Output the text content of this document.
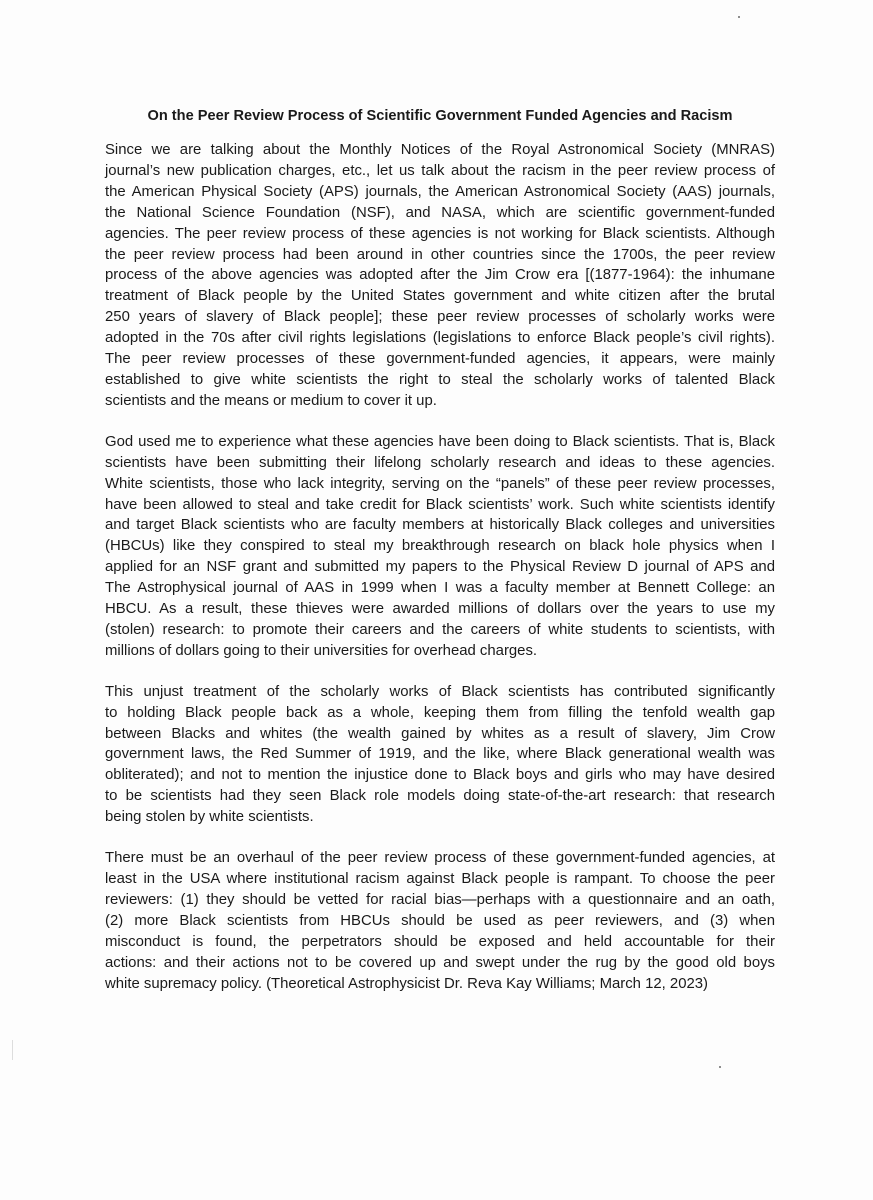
On the Peer Review Process of Scientific Government Funded Agencies and Racism
Since we are talking about the Monthly Notices of the Royal Astronomical Society (MNRAS)
journal’s new publication charges, etc., let us talk about the racism in the peer review process of
the American Physical Society (APS) journals, the American Astronomical Society (AAS) journals,
the National Science Foundation (NSF), and NASA, which are scientific government-funded
agencies. The peer review process of these agencies is not working for Black scientists. Although
the peer review process had been around in other countries since the 1700s, the peer review
process of the above agencies was adopted after the Jim Crow era [(1877-1964): the inhumane
treatment of Black people by the United States government and white citizen after the brutal
250 years of slavery of Black people]; these peer review processes of scholarly works were
adopted in the 70s after civil rights legislations (legislations to enforce Black people’s civil rights).
The peer review processes of these government-funded agencies, it appears, were mainly
established to give white scientists the right to steal the scholarly works of talented Black
scientists and the means or medium to cover it up.
God used me to experience what these agencies have been doing to Black scientists. That is, Black
scientists have been submitting their lifelong scholarly research and ideas to these agencies.
White scientists, those who lack integrity, serving on the “panels” of these peer review processes,
have been allowed to steal and take credit for Black scientists’ work. Such white scientists identify
and target Black scientists who are faculty members at historically Black colleges and universities
(HBCUs) like they conspired to steal my breakthrough research on black hole physics when I
applied for an NSF grant and submitted my papers to the Physical Review D journal of APS and
The Astrophysical journal of AAS in 1999 when I was a faculty member at Bennett College: an
HBCU. As a result, these thieves were awarded millions of dollars over the years to use my
(stolen) research: to promote their careers and the careers of white students to scientists, with
millions of dollars going to their universities for overhead charges.
This unjust treatment of the scholarly works of Black scientists has contributed significantly
to holding Black people back as a whole, keeping them from filling the tenfold wealth gap
between Blacks and whites (the wealth gained by whites as a result of slavery, Jim Crow
government laws, the Red Summer of 1919, and the like, where Black generational wealth was
obliterated); and not to mention the injustice done to Black boys and girls who may have desired
to be scientists had they seen Black role models doing state-of-the-art research: that research
being stolen by white scientists.
There must be an overhaul of the peer review process of these government-funded agencies, at
least in the USA where institutional racism against Black people is rampant. To choose the peer
reviewers: (1) they should be vetted for racial bias—perhaps with a questionnaire and an oath,
(2) more Black scientists from HBCUs should be used as peer reviewers, and (3) when
misconduct is found, the perpetrators should be exposed and held accountable for their
actions: and their actions not to be covered up and swept under the rug by the good old boys
white supremacy policy. (Theoretical Astrophysicist Dr. Reva Kay Williams; March 12, 2023)
